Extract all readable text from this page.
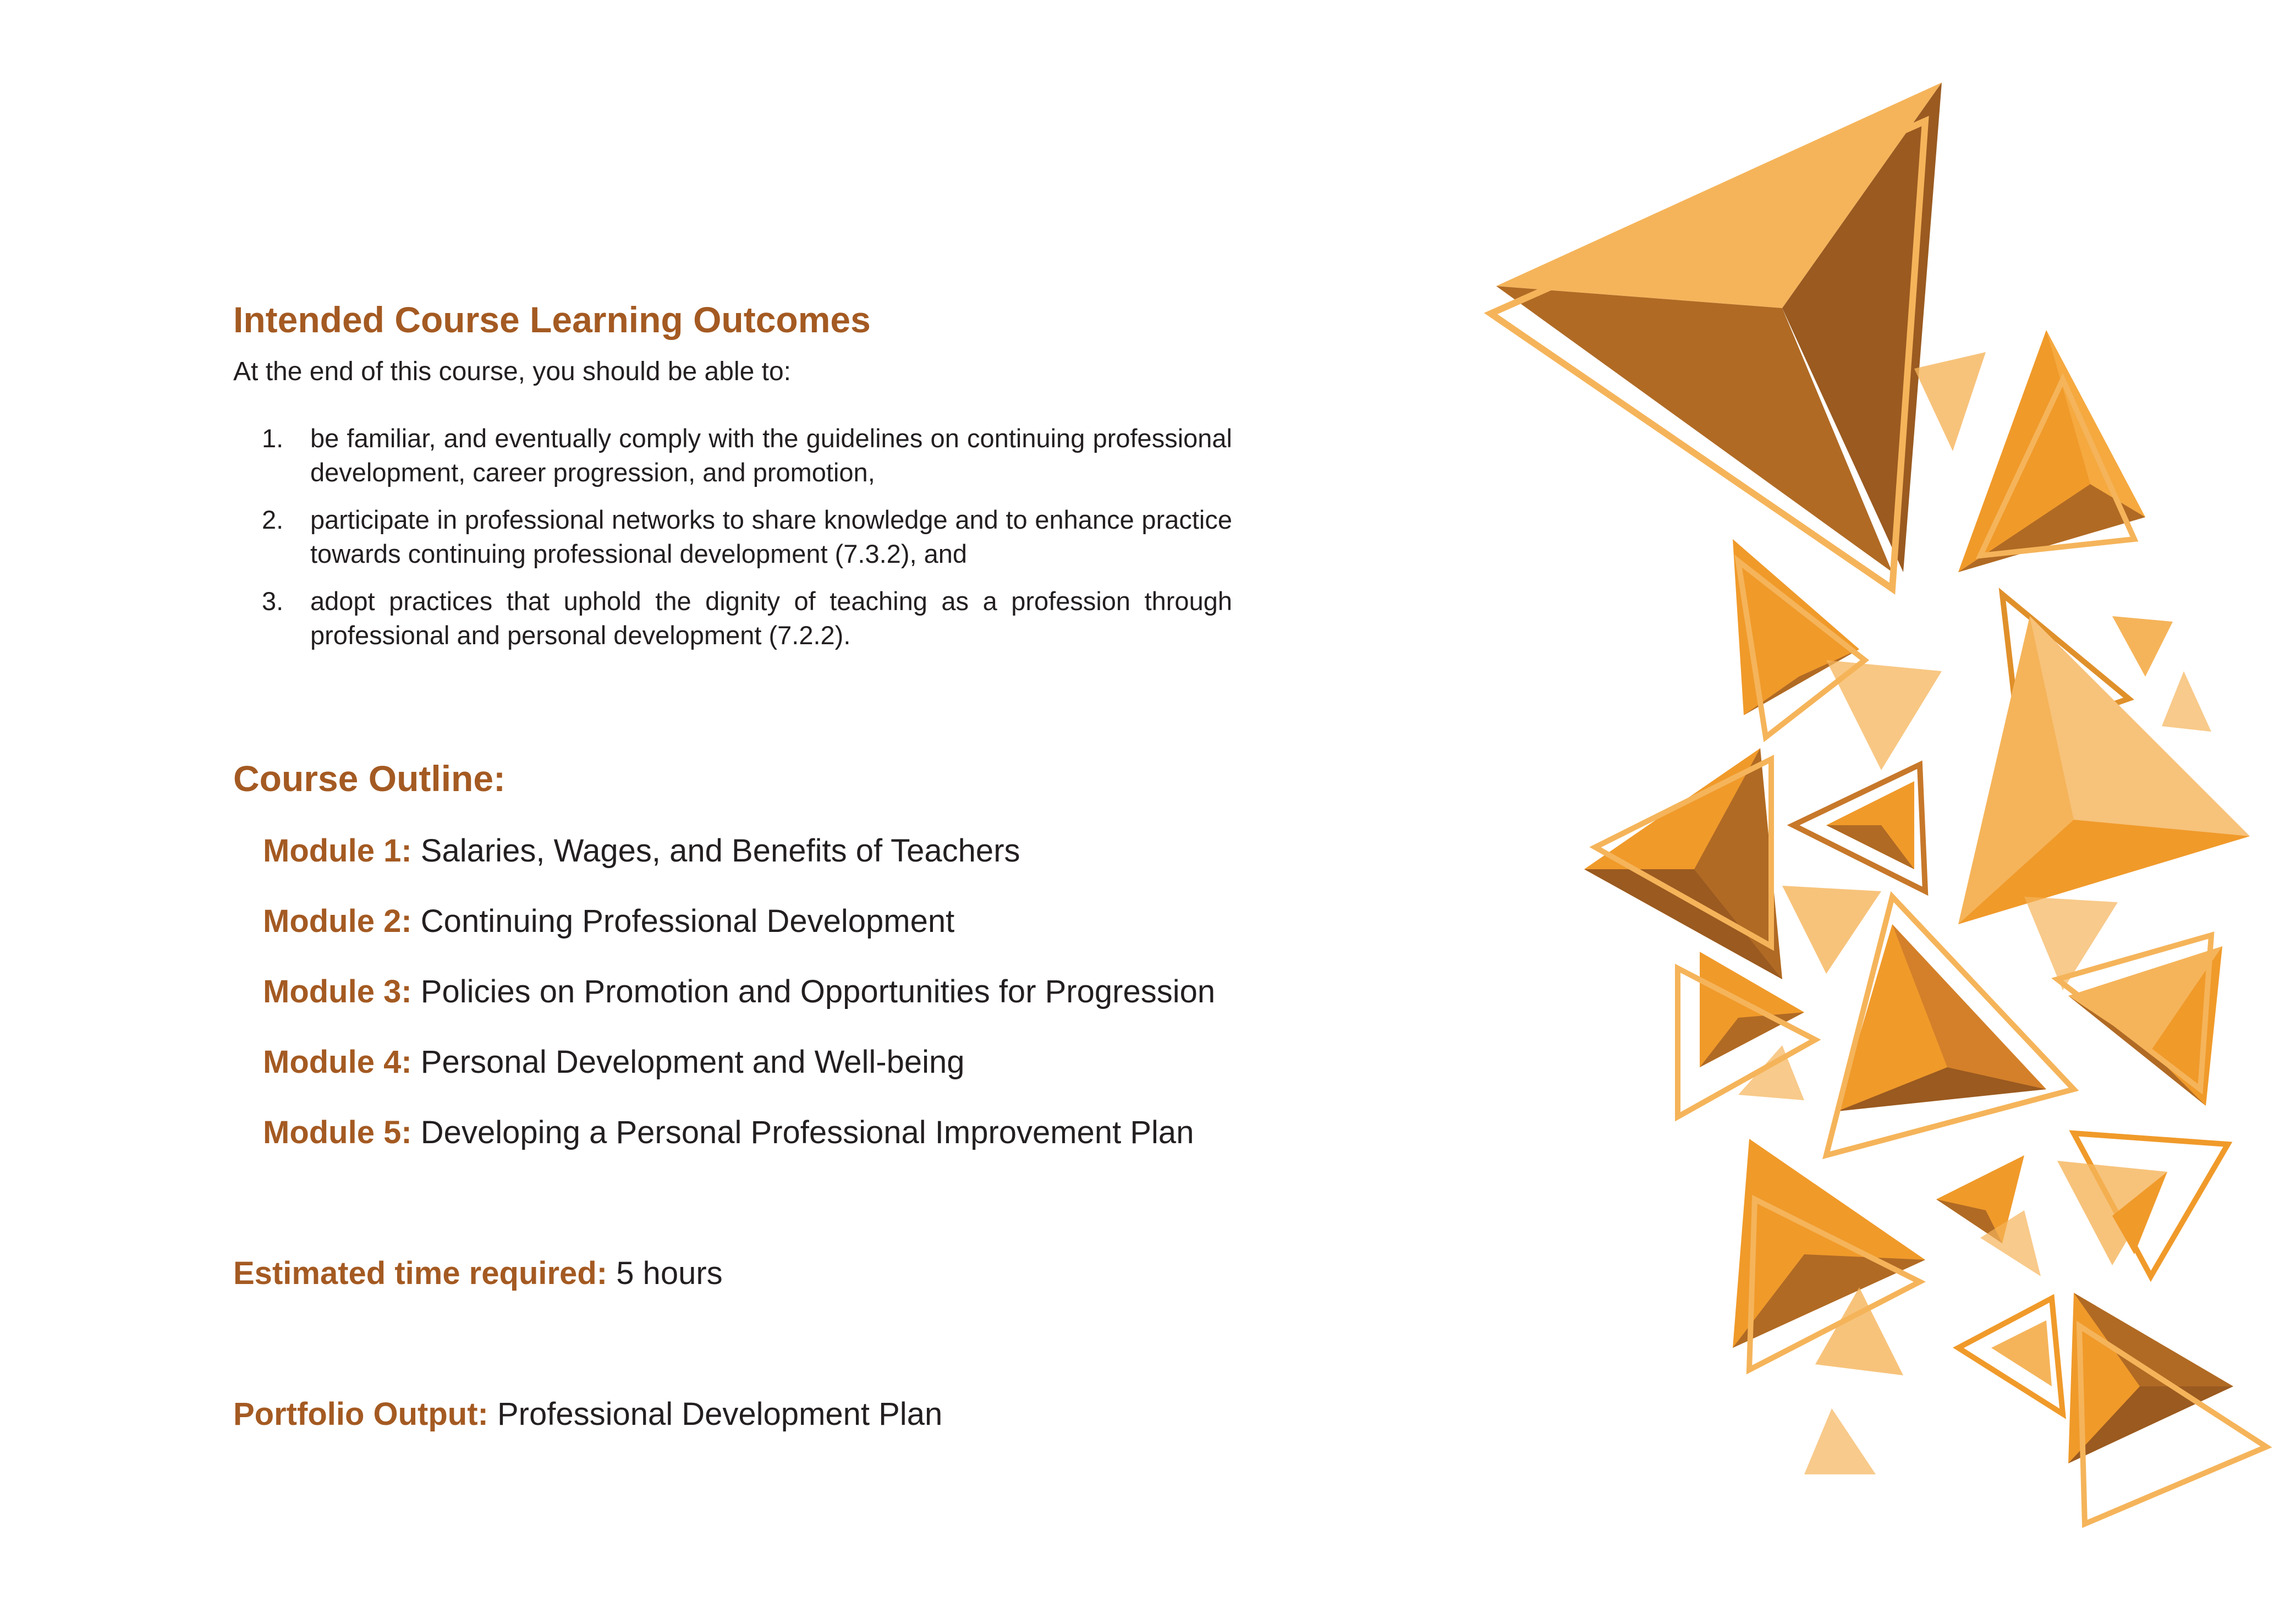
Intended Course Learning Outcomes
At the end of this course, you should be able to:
1. be familiar, and eventually comply with the guidelines on continuing professional development, career progression, and promotion,
2. participate in professional networks to share knowledge and to enhance practice towards continuing professional development (7.3.2), and
3. adopt practices that uphold the dignity of teaching as a profession through professional and personal development (7.2.2).
Course Outline:
Module 1: Salaries, Wages, and Benefits of Teachers
Module 2: Continuing Professional Development
Module 3: Policies on Promotion and Opportunities for Progression
Module 4: Personal Development and Well-being
Module 5: Developing a Personal Professional Improvement Plan
Estimated time required: 5 hours
Portfolio Output: Professional Development Plan
